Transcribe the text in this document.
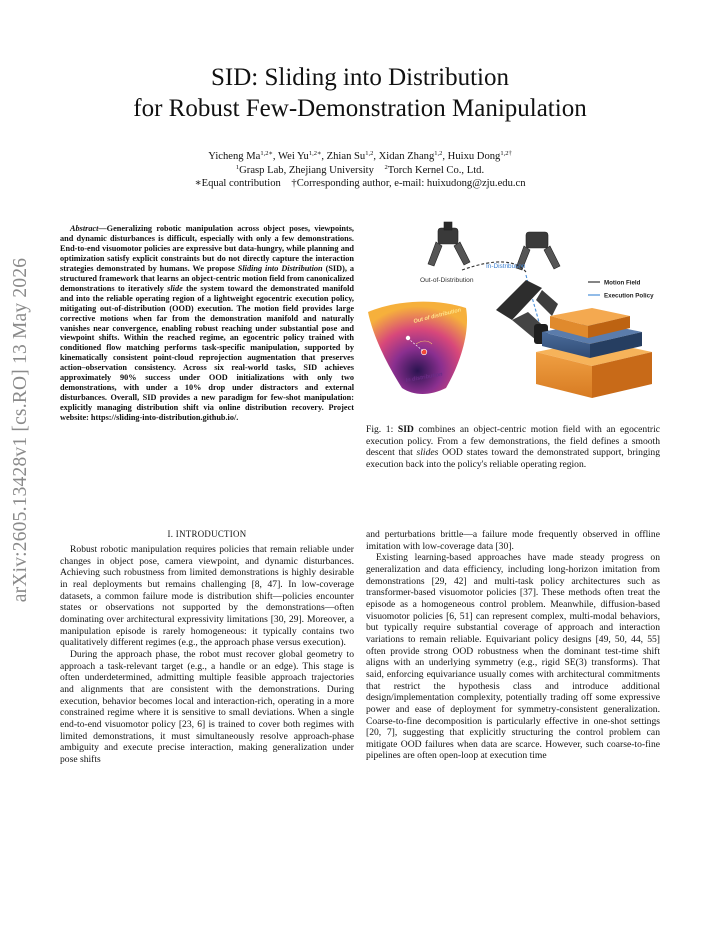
arXiv:2605.13428v1 [cs.RO] 13 May 2026
SID: Sliding into Distribution
for Robust Few-Demonstration Manipulation
Yicheng $Ma^{1,2∗}$, Wei $Yu^{1,2∗}$, Zhian Su$^{1,2}$, Xidan Zhang$^{1,2}$, Huixu Dong$^{1,2\dagger}$
$^1$Grasp Lab, Zhejiang University $^2$Torch Kernel Co., Ltd.
∗Equal contribution †Corresponding author, e-mail: huixudong@zju.edu.cn

Abstract—Generalizing robotic manipulation across object poses, viewpoints, and dynamic disturbances is difficult, especially with only a few demonstrations. End-to-end visuomotor policies are expressive but data-hungry, while planning and optimization satisfy explicit constraints but do not directly capture the interaction strategies demonstrated by humans. We propose Sliding into Distribution (SID), a structured framework that learns an object-centric motion field from canonicalized demonstrations to iteratively slide the system toward the demonstrated manifold and into the reliable operating region of a lightweight egocentric execution policy, mitigating out-of-distribution (OOD) execution. The motion field provides large corrective motions when far from the demonstration manifold and naturally vanishes near convergence, enabling robust reaching under substantial pose and viewpoint shifts. Within the reached regime, an egocentric policy trained with conditioned flow matching performs task-specific manipulation, supported by kinematically consistent point-cloud reprojection augmentation that preserves action–observation consistency. Across six real-world tasks, SID achieves approximately 90% success under OOD initializations with only two demonstrations, with under a 10% drop under distractors and external disturbances. Overall, SID provides a new paradigm for few-shot manipulation: explicitly managing distribution shift via online distribution recovery. Project website: https://sliding-into-distribution.github.io/.

I. INTRODUCTION

Robust robotic manipulation requires policies that remain reliable under changes in object pose, camera viewpoint, and dynamic disturbances. Achieving such robustness from limited demonstrations is highly desirable in real deployments but remains challenging [8, 47]. In low-coverage datasets, a common failure mode is distribution shift—policies encounter states or observations not supported by the demonstrations—often dominating over architectural expressivity limitations [30, 29]. Moreover, a manipulation episode is rarely homogeneous: it typically contains two qualitatively different regimes (e.g., the approach phase versus execution).

During the approach phase, the robot must recover global geometry to approach a task-relevant target (e.g., a handle or an edge). This stage is often underdetermined, admitting multiple feasible approach trajectories and alignments that are consistent with the demonstrations. During execution, behavior becomes local and interaction-rich, operating in a more constrained regime where it is sensitive to small deviations. When a single end-to-end visuomotor policy [23, 6] is trained to cover both regimes with limited demonstrations, it must simultaneously resolve approach-phase ambiguity and execute precise interaction, making generalization under pose shifts

Out-of-Distribution
In-Distribution
Motion Field
Execution Policy
Out of distribution
In distribution

Fig. 1: SID combines an object-centric motion field with an egocentric execution policy. From a few demonstrations, the field defines a smooth descent that slides OOD states toward the demonstrated support, bringing execution back into the policy's reliable operating region.

and perturbations brittle—a failure mode frequently observed in offline imitation with low-coverage data [30].

Existing learning-based approaches have made steady progress on generalization and data efficiency, including long-horizon imitation from demonstrations [29, 42] and multi-task policy architectures such as transformer-based visuomotor policies [37]. These methods often treat the episode as a homogeneous control problem. Meanwhile, diffusion-based visuomotor policies [6, 51] can represent complex, multi-modal behaviors, but typically require substantial coverage of approach and interaction variations to remain reliable. Equivariant policy designs [49, 50, 44, 55] often provide strong OOD robustness when the dominant test-time shift aligns with an underlying symmetry (e.g., rigid SE(3) transforms). That said, enforcing equivariance usually comes with architectural commitments that restrict the hypothesis class and introduce additional design/implementation complexity, potentially trading off some expressive power and ease of deployment for symmetry-consistent generalization. Coarse-to-fine decomposition is particularly effective in one-shot settings [20, 7], suggesting that explicitly structuring the control problem can mitigate OOD failures when data are scarce. However, such coarse-to-fine pipelines are often open-loop at execution time
